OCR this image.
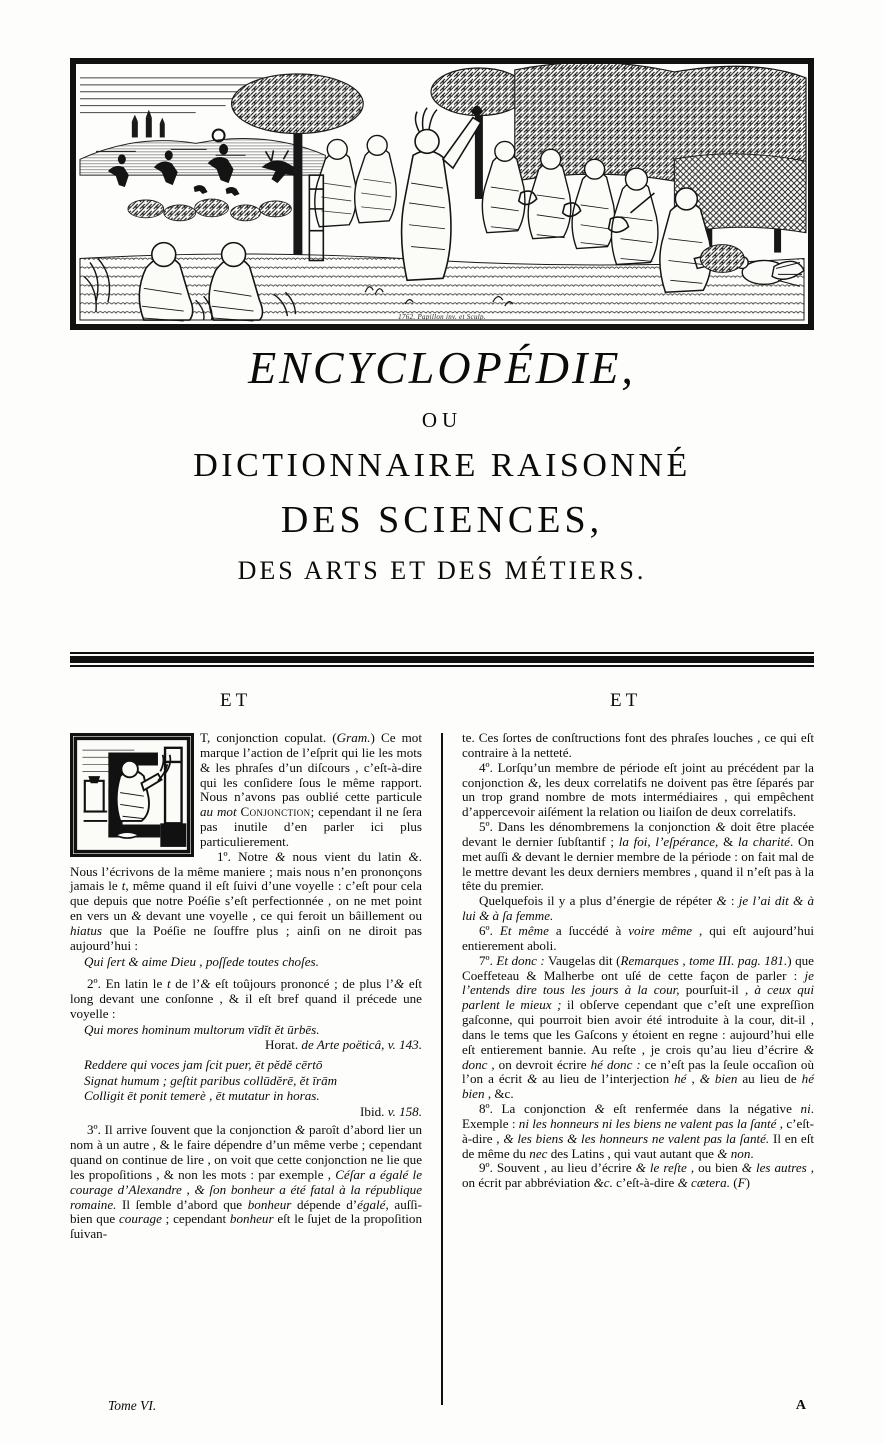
1762. Papillon inv. et Sculp.
ENCYCLOPÉDIE,
OU
DICTIONNAIRE RAISONNÉ
DES SCIENCES,
DES ARTS ET DES MÉTIERS.
ET	ET

T, conjonction copulat. (Gram.) Ce mot marque l’action de l’eſprit qui lie les mots & les phraſes d’un diſcours , c’eſt-à-dire qui les conſidere ſous le même rapport. Nous n’avons pas oublié cette particule au mot Conjonction; cependant il ne ſera pas inutile d’en parler ici plus particulierement.

1º. Notre & nous vient du latin &. Nous l’écrivons de la même maniere ; mais nous n’en prononçons jamais le t, même quand il eſt ſuivi d’une voyelle : c’eſt pour cela que depuis que notre Poéſie s’eſt perfectionnée , on ne met point en vers un & devant une voyelle , ce qui feroit un bâillement ou hiatus que la Poéſie ne ſouffre plus ; ainſi on ne diroit pas aujourd’hui :

Qui ſert & aime Dieu , poſſede toutes choſes.

2º. En latin le t de l’& eſt toûjours prononcé ; de plus l’& eſt long devant une conſonne , & il eſt bref quand il précede une voyelle :

Qui mores hominum multorum vīdĭt ĕt ūrbēs.

Horat. de Arte poëticâ, v. 143.

Reddere qui voces jam ſcit puer, ēt pĕdĕ cērtō

Signat humum ; geſtit paribus collūdĕrē, ĕt īrām

Colligit ēt ponit temerè , ēt mutatur in horas.

Ibid. v. 158.

3º. Il arrive ſouvent que la conjonction & paroît d’abord lier un nom à un autre , & le faire dépendre d’un même verbe ; cependant quand on continue de lire , on voit que cette conjonction ne lie que les propoſitions , & non les mots : par exemple , Céſar a égalé le courage d’Alexandre , & ſon bonheur a été fatal à la république romaine. Il ſemble d’abord que bonheur dépende d’égalé, auſſi-bien que courage ; cependant bonheur eſt le ſujet de la propoſition ſuivan-

te. Ces ſortes de conſtructions font des phraſes louches , ce qui eſt contraire à la netteté.

4º. Lorſqu’un membre de période eſt joint au précédent par la conjonction &, les deux correlatifs ne doivent pas être ſéparés par un trop grand nombre de mots intermédiaires , qui empêchent d’appercevoir aiſément la relation ou liaiſon de deux correlatifs.

5º. Dans les dénombremens la conjonction & doit être placée devant le dernier ſubſtantif ; la foi, l’eſpérance, & la charité. On met auſſi & devant le dernier membre de la période : on fait mal de le mettre devant les deux derniers membres , quand il n’eſt pas à la tête du premier.

Quelquefois il y a plus d’énergie de répéter & : je l’ai dit & à lui & à ſa femme.

6º. Et même a ſuccédé à voire même , qui eſt aujourd’hui entierement aboli.

7º. Et donc : Vaugelas dit (Remarques , tome III. pag. 181.) que Coeffeteau & Malherbe ont uſé de cette façon de parler : je l’entends dire tous les jours à la cour, pourſuit-il , à ceux qui parlent le mieux ; il obſerve cependant que c’eſt une expreſſion gaſconne, qui pourroit bien avoir été introduite à la cour, dit-il , dans le tems que les Gaſcons y étoient en regne : aujourd’hui elle eſt entierement bannie. Au reſte , je crois qu’au lieu d’écrire & donc , on devroit écrire hé donc : ce n’eſt pas la ſeule occaſion où l’on a écrit & au lieu de l’interjection hé , & bien au lieu de hé bien , &c.

8º. La conjonction & eſt renfermée dans la négative ni. Exemple : ni les honneurs ni les biens ne valent pas la ſanté , c’eſt-à-dire , & les biens & les honneurs ne valent pas la ſanté. Il en eſt de même du nec des Latins , qui vaut autant que & non.

9º. Souvent , au lieu d’écrire & le reſte , ou bien & les autres , on écrit par abbréviation &c. c’eſt-à-dire & cætera. (F)

Tome VI.	A
